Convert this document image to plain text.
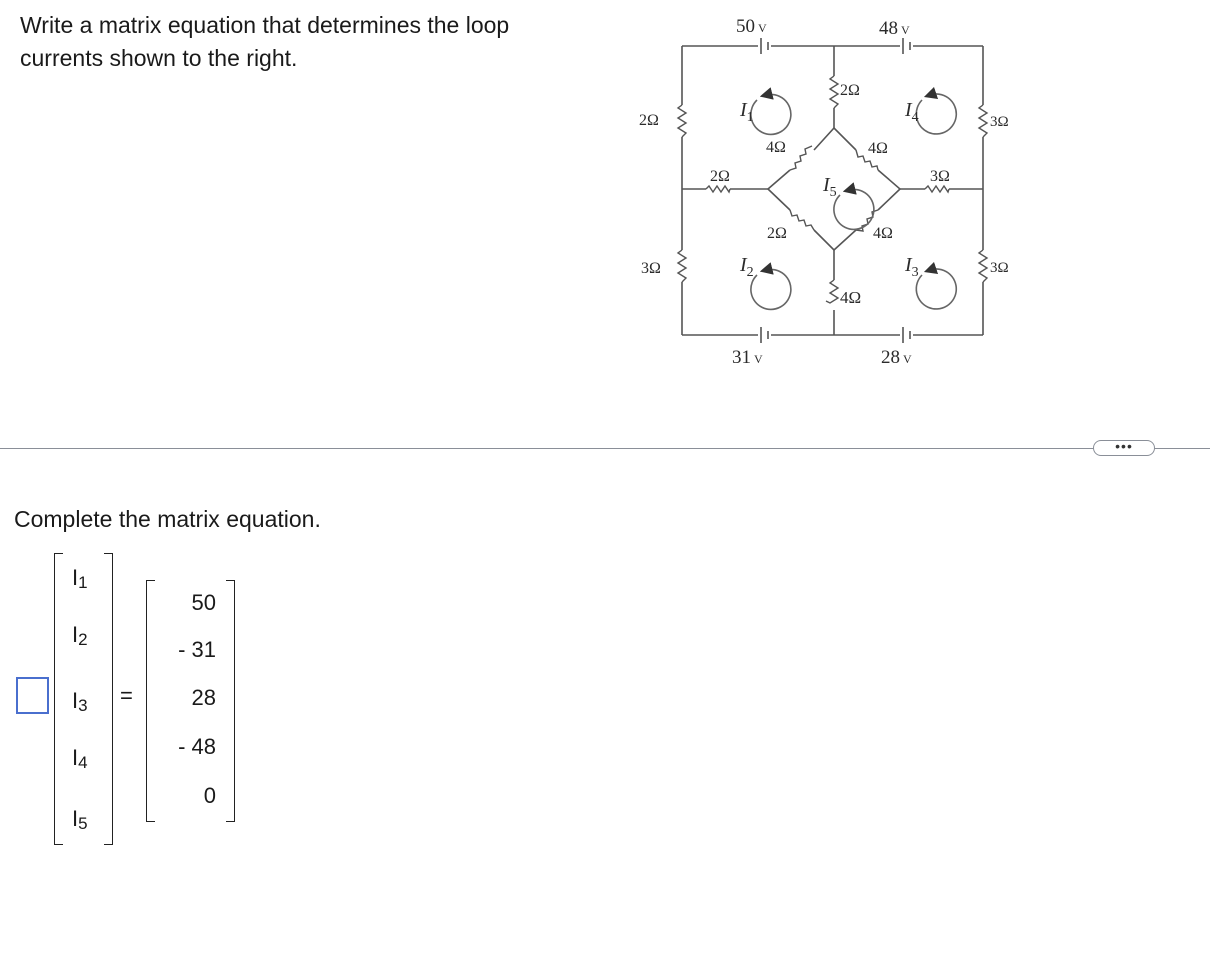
Write a matrix equation that determines the loop currents shown to the right.
50 V	48 V
31 V	28 V
2Ω
3Ω
2Ω
4Ω
3Ω
3Ω
4Ω	4Ω
2Ω	4Ω
2Ω	3Ω
$I_1$	$I_4$
$I_5$
$I_2$	$I_3$
•••
Complete the matrix equation.
$I_1$
$I_2$
$I_3$
$I_4$
$I_5$
=
50
- 31
28
- 48
0
